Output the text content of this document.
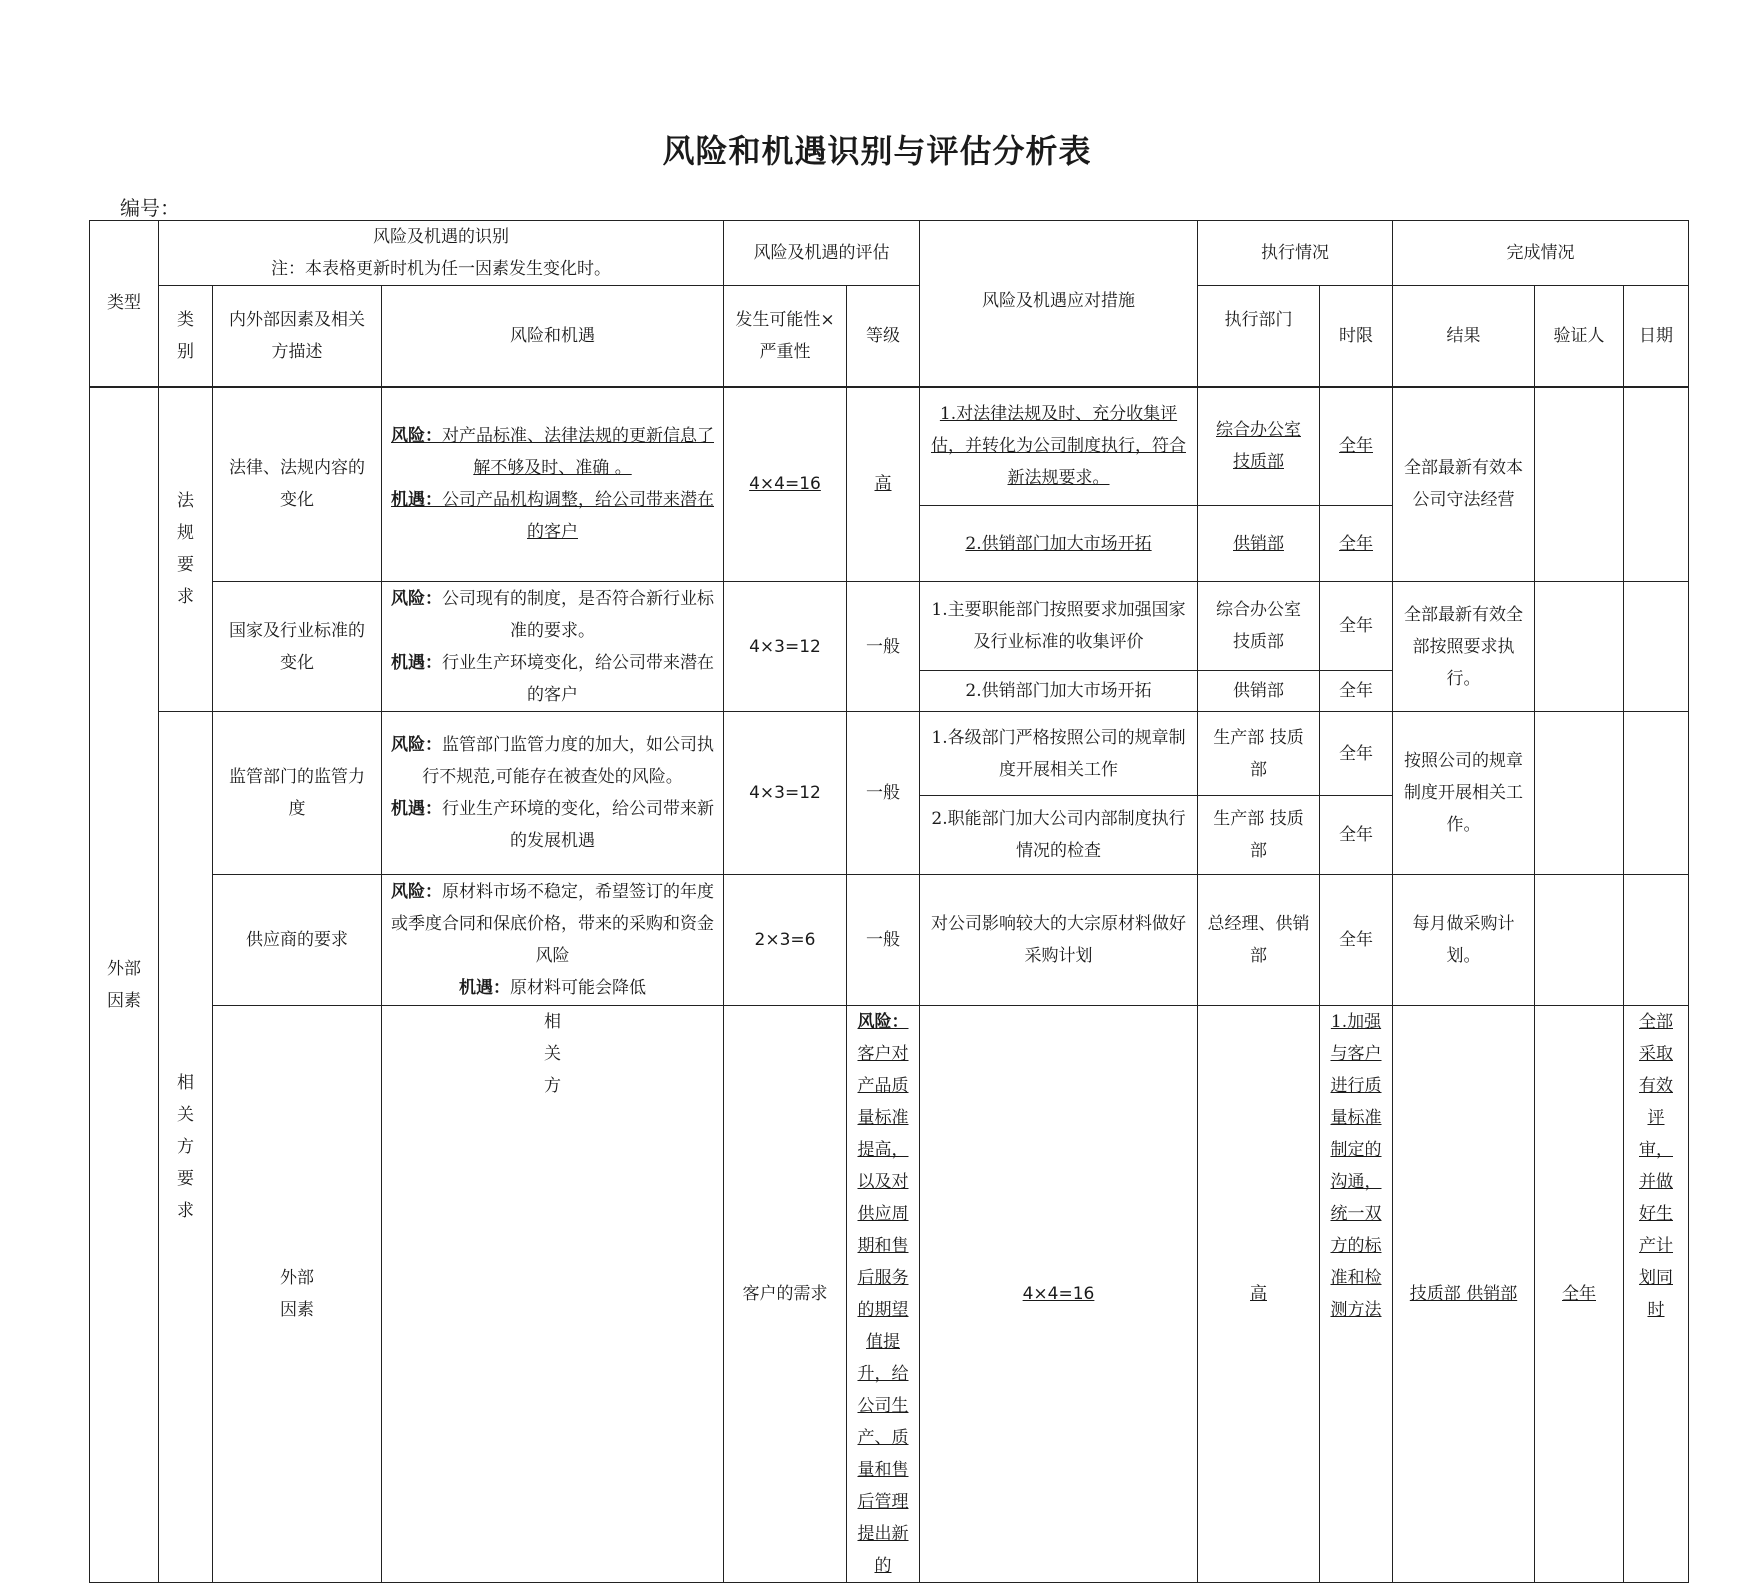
风险和机遇识别与评估分析表
编号：
类型	风险及机遇的识别
注：本表格更新时机为任一因素发生变化时。			风险及机遇的评估		风险及机遇应对措施	执行情况		完成情况			
	类别	内外部因素及相关方描述	风险和机遇	发生可能性×严重性	等级		执行部门	时限	结果	验证人	日期	
外部因素	法规要求	法律、法规内容的变化	风险：对产品标准、法律法规的更新信息了解不够及时、准确 。
机遇：公司产品机构调整，给公司带来潜在的客户	4×4=16	高	1.对法律法规及时、充分收集评估，并转化为公司制度执行，符合新法规要求。	综合办公室 技质部	全年	全部最新有效本公司守法经营			
						2.供销部门加大市场开拓	供销部	全年				
		国家及行业标准的变化	风险：公司现有的制度，是否符合新行业标准的要求。
机遇：行业生产环境变化，给公司带来潜在的客户	4×3=12	一般	1.主要职能部门按照要求加强国家及行业标准的收集评价	综合办公室 技质部	全年	全部最新有效全部按照要求执行。			
						2.供销部门加大市场开拓	供销部	全年				
	相关方要求	监管部门的监管力度	风险：监管部门监管力度的加大，如公司执行不规范,可能存在被查处的风险。
机遇：行业生产环境的变化，给公司带来新的发展机遇	4×3=12	一般	1.各级部门严格按照公司的规章制度开展相关工作	生产部 技质部	全年	按照公司的规章制度开展相关工作。			
						2.职能部门加大公司内部制度执行情况的检查	生产部 技质部	全年				
		供应商的要求	风险：原材料市场不稳定，希望签订的年度或季度合同和保底价格，带来的采购和资金风险
机遇：原材料可能会降低	2×3=6	一般	对公司影响较大的大宗原材料做好采购计划	总经理、供销部	全年	每月做采购计划。			
		外部因素	相关方	客户的需求	风险：客户对产品质量标准提高，以及对供应周期和售后服务的期望值提升，给公司生产、质量和售后管理提出新的	4×4=16	高	1.加强与客户进行质量标准制定的沟通，统一双方的标准和检测方法	技质部 供销部	全年	全部采取有效评审，并做好生产计划同时		
